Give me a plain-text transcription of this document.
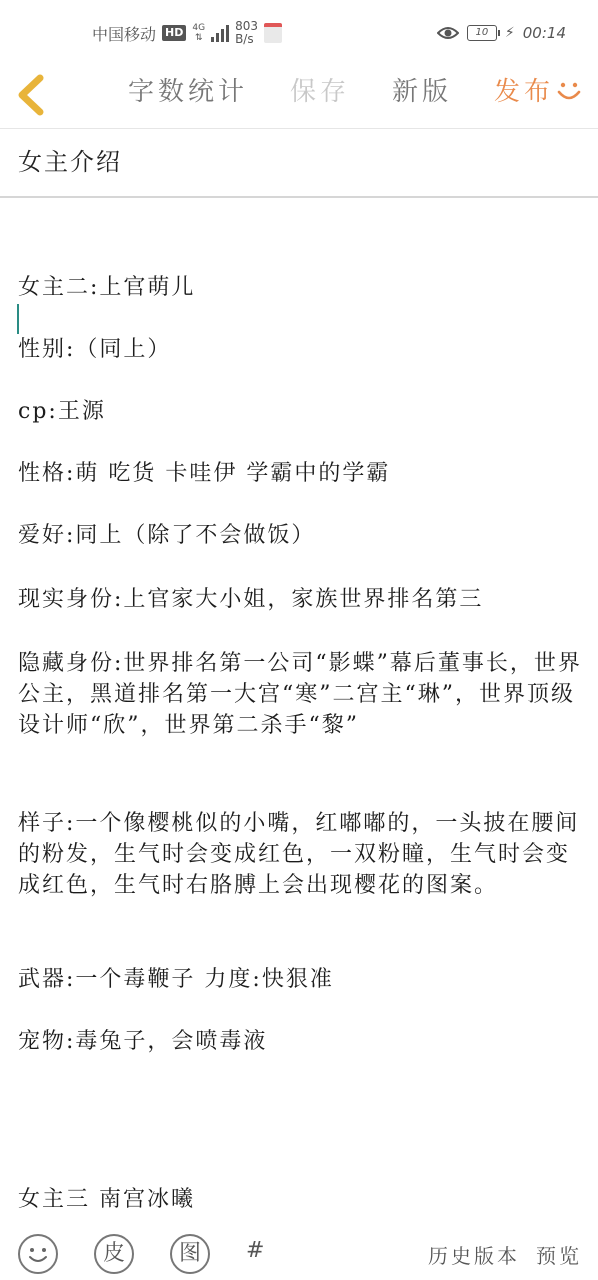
中国移动 HD	4G
⇅
803
B/s	10	⚡ 00:14
字数统计 保存 新版 发布
女主介绍
女主二:上官萌儿
性别:（同上）
cp:王源
性格:萌 吃货 卡哇伊 学霸中的学霸
爱好:同上（除了不会做饭）
现实身份:上官家大小姐，家族世界排名第三
隐藏身份:世界排名第一公司“影蝶”幕后董事长，世界公主，黑道排名第一大宫“寒”二宫主“琳”，世界顶级设计师“欣”，世界第二杀手“黎”
样子:一个像樱桃似的小嘴，红嘟嘟的，一头披在腰间的粉发，生气时会变成红色，一双粉瞳，生气时会变成红色，生气时右胳膊上会出现樱花的图案。
武器:一个毒鞭子 力度:快狠准
宠物:毒兔子，会喷毒液
女主三 南宫冰曦
皮	图	#	历史版本 预览
